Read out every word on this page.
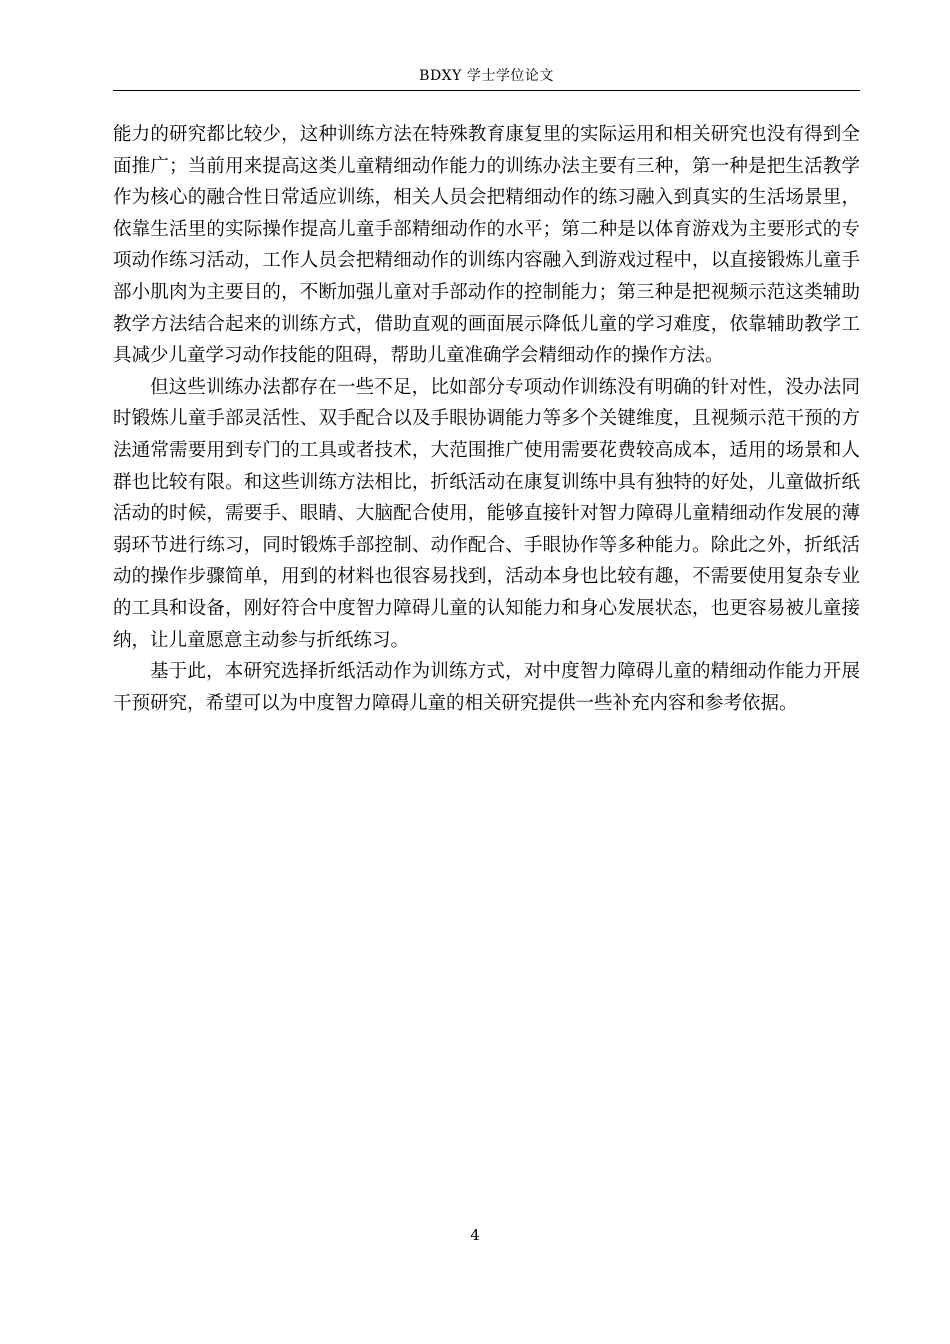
BDXY 学士学位论文

能力的研究都比较少，这种训练方法在特殊教育康复里的实际运用和相关研究也没有得到全面推广；当前用来提高这类儿童精细动作能力的训练办法主要有三种，第一种是把生活教学作为核心的融合性日常适应训练，相关人员会把精细动作的练习融入到真实的生活场景里，依靠生活里的实际操作提高儿童手部精细动作的水平；第二种是以体育游戏为主要形式的专项动作练习活动，工作人员会把精细动作的训练内容融入到游戏过程中，以直接锻炼儿童手部小肌肉为主要目的，不断加强儿童对手部动作的控制能力；第三种是把视频示范这类辅助教学方法结合起来的训练方式，借助直观的画面展示降低儿童的学习难度，依靠辅助教学工具减少儿童学习动作技能的阻碍，帮助儿童准确学会精细动作的操作方法。

但这些训练办法都存在一些不足，比如部分专项动作训练没有明确的针对性，没办法同时锻炼儿童手部灵活性、双手配合以及手眼协调能力等多个关键维度，且视频示范干预的方法通常需要用到专门的工具或者技术，大范围推广使用需要花费较高成本，适用的场景和人群也比较有限。和这些训练方法相比，折纸活动在康复训练中具有独特的好处，儿童做折纸活动的时候，需要手、眼睛、大脑配合使用，能够直接针对智力障碍儿童精细动作发展的薄弱环节进行练习，同时锻炼手部控制、动作配合、手眼协作等多种能力。除此之外，折纸活动的操作步骤简单，用到的材料也很容易找到，活动本身也比较有趣，不需要使用复杂专业的工具和设备，刚好符合中度智力障碍儿童的认知能力和身心发展状态，也更容易被儿童接纳，让儿童愿意主动参与折纸练习。

基于此，本研究选择折纸活动作为训练方式，对中度智力障碍儿童的精细动作能力开展干预研究，希望可以为中度智力障碍儿童的相关研究提供一些补充内容和参考依据。

4
